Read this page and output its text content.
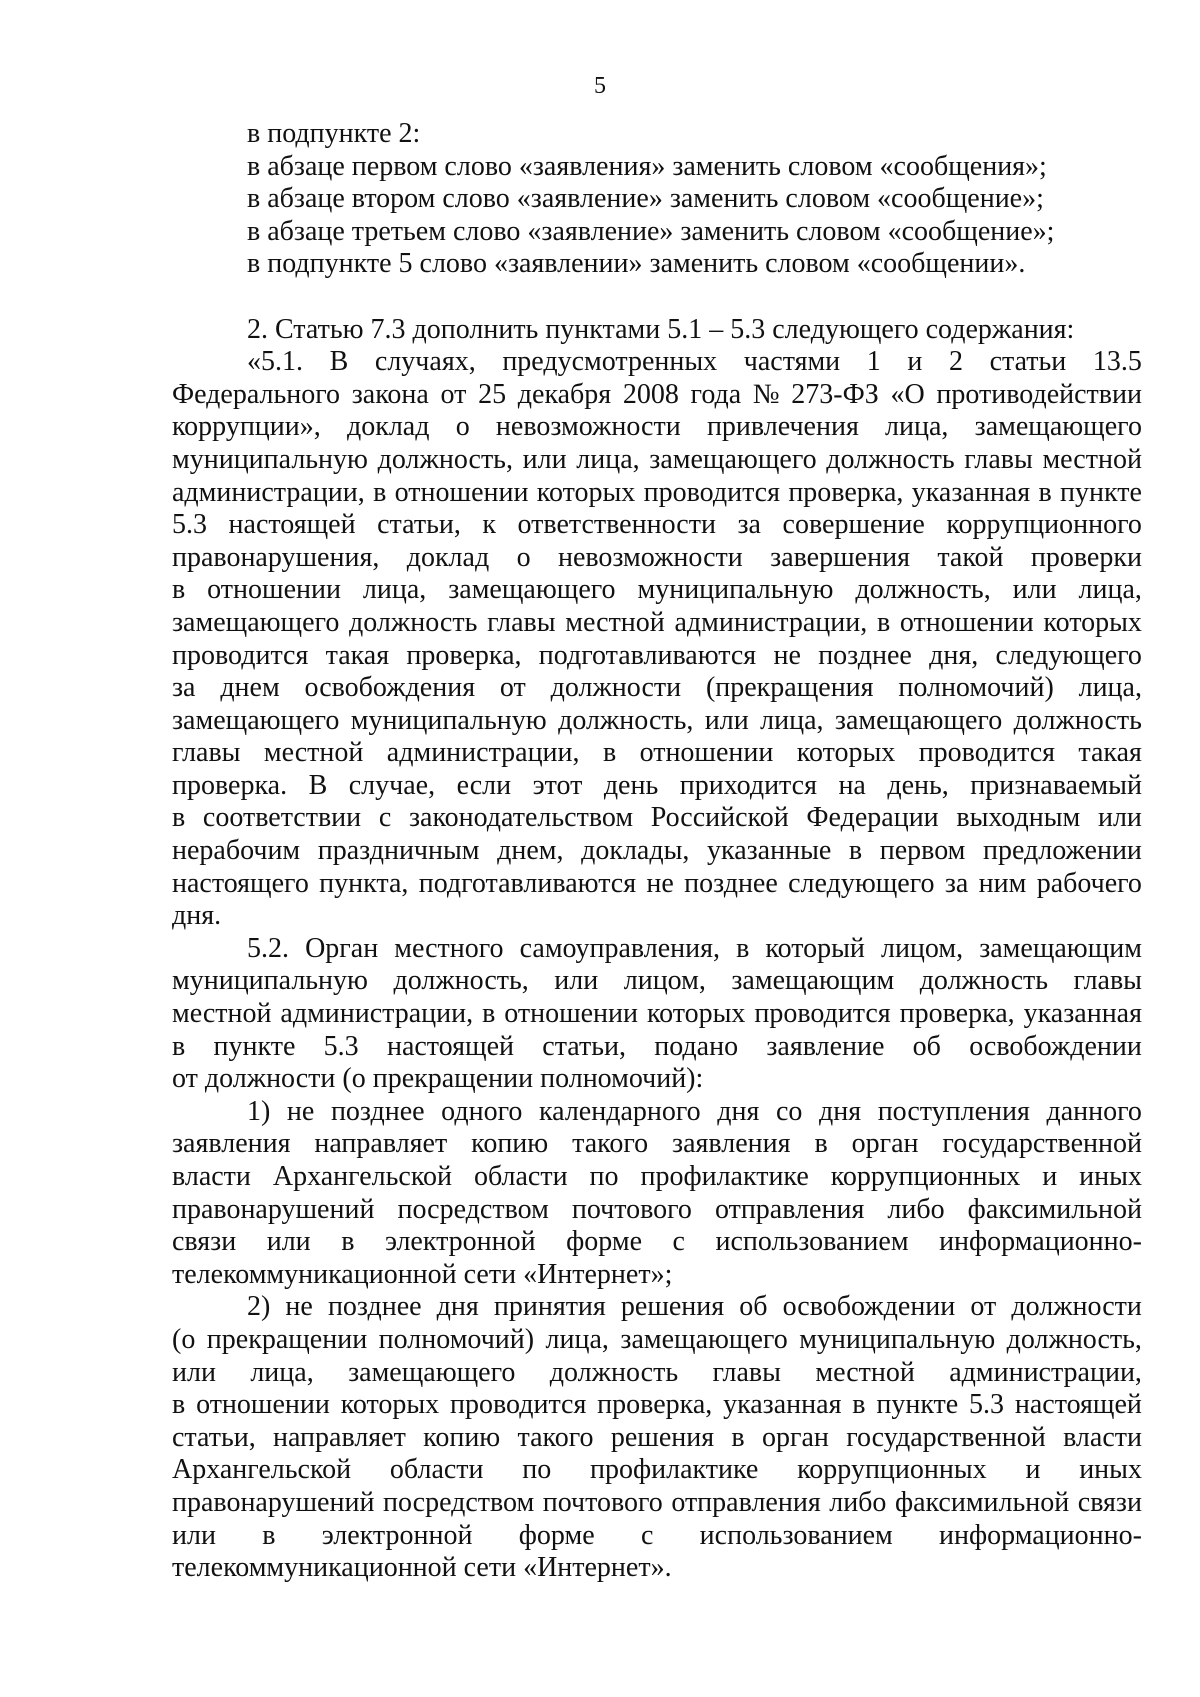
5
в подпункте 2:
в абзаце первом слово «заявления» заменить словом «сообщения»;
в абзаце втором слово «заявление» заменить словом «сообщение»;
в абзаце третьем слово «заявление» заменить словом «сообщение»;
в подпункте 5 слово «заявлении» заменить словом «сообщении».
2. Статью 7.3 дополнить пунктами 5.1 – 5.3 следующего содержания:
«5.1. В случаях, предусмотренных частями 1 и 2 статьи 13.5
Федерального закона от 25 декабря 2008 года № 273-ФЗ «О противодействии
коррупции», доклад о невозможности привлечения лица, замещающего
муниципальную должность, или лица, замещающего должность главы местной
администрации, в отношении которых проводится проверка, указанная в пункте
5.3 настоящей статьи, к ответственности за совершение коррупционного
правонарушения, доклад о невозможности завершения такой проверки
в отношении лица, замещающего муниципальную должность, или лица,
замещающего должность главы местной администрации, в отношении которых
проводится такая проверка, подготавливаются не позднее дня, следующего
за днем освобождения от должности (прекращения полномочий) лица,
замещающего муниципальную должность, или лица, замещающего должность
главы местной администрации, в отношении которых проводится такая
проверка. В случае, если этот день приходится на день, признаваемый
в соответствии с законодательством Российской Федерации выходным или
нерабочим праздничным днем, доклады, указанные в первом предложении
настоящего пункта, подготавливаются не позднее следующего за ним рабочего
дня.
5.2. Орган местного самоуправления, в который лицом, замещающим
муниципальную должность, или лицом, замещающим должность главы
местной администрации, в отношении которых проводится проверка, указанная
в пункте 5.3 настоящей статьи, подано заявление об освобождении
от должности (о прекращении полномочий):
1) не позднее одного календарного дня со дня поступления данного
заявления направляет копию такого заявления в орган государственной
власти Архангельской области по профилактике коррупционных и иных
правонарушений посредством почтового отправления либо факсимильной
связи или в электронной форме с использованием информационно-
телекоммуникационной сети «Интернет»;
2) не позднее дня принятия решения об освобождении от должности
(о прекращении полномочий) лица, замещающего муниципальную должность,
или лица, замещающего должность главы местной администрации,
в отношении которых проводится проверка, указанная в пункте 5.3 настоящей
статьи, направляет копию такого решения в орган государственной власти
Архангельской области по профилактике коррупционных и иных
правонарушений посредством почтового отправления либо факсимильной связи
или в электронной форме с использованием информационно-
телекоммуникационной сети «Интернет».
